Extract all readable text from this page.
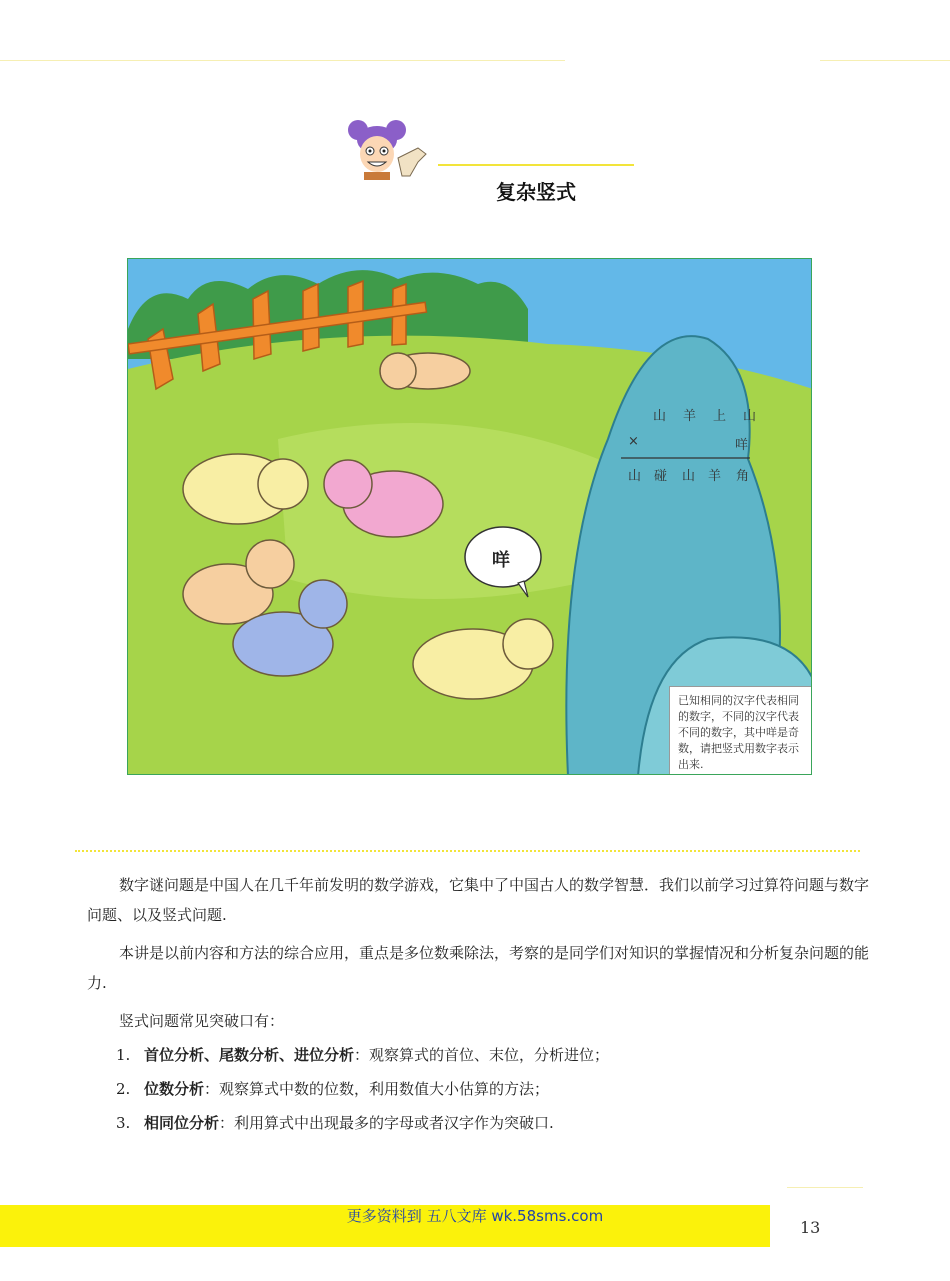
复杂竖式
山 羊 上 山
×	咩
山 碰 山 羊 角
咩
已知相同的汉字代表相同的数字，不同的汉字代表不同的数字，其中咩是奇数，请把竖式用数字表示出来.

数字谜问题是中国人在几千年前发明的数学游戏，它集中了中国古人的数学智慧．我们以前学习过算符问题与数字问题、以及竖式问题.

本讲是以前内容和方法的综合应用，重点是多位数乘除法，考察的是同学们对知识的掌握情况和分析复杂问题的能力.

竖式问题常见突破口有：

1. 首位分析、尾数分析、进位分析：观察算式的首位、末位，分析进位；
2. 位数分析：观察算式中数的位数，利用数值大小估算的方法；
3. 相同位分析：利用算式中出现最多的字母或者汉字作为突破口.
更多资料到 五八文库 wk.58sms.com
13
